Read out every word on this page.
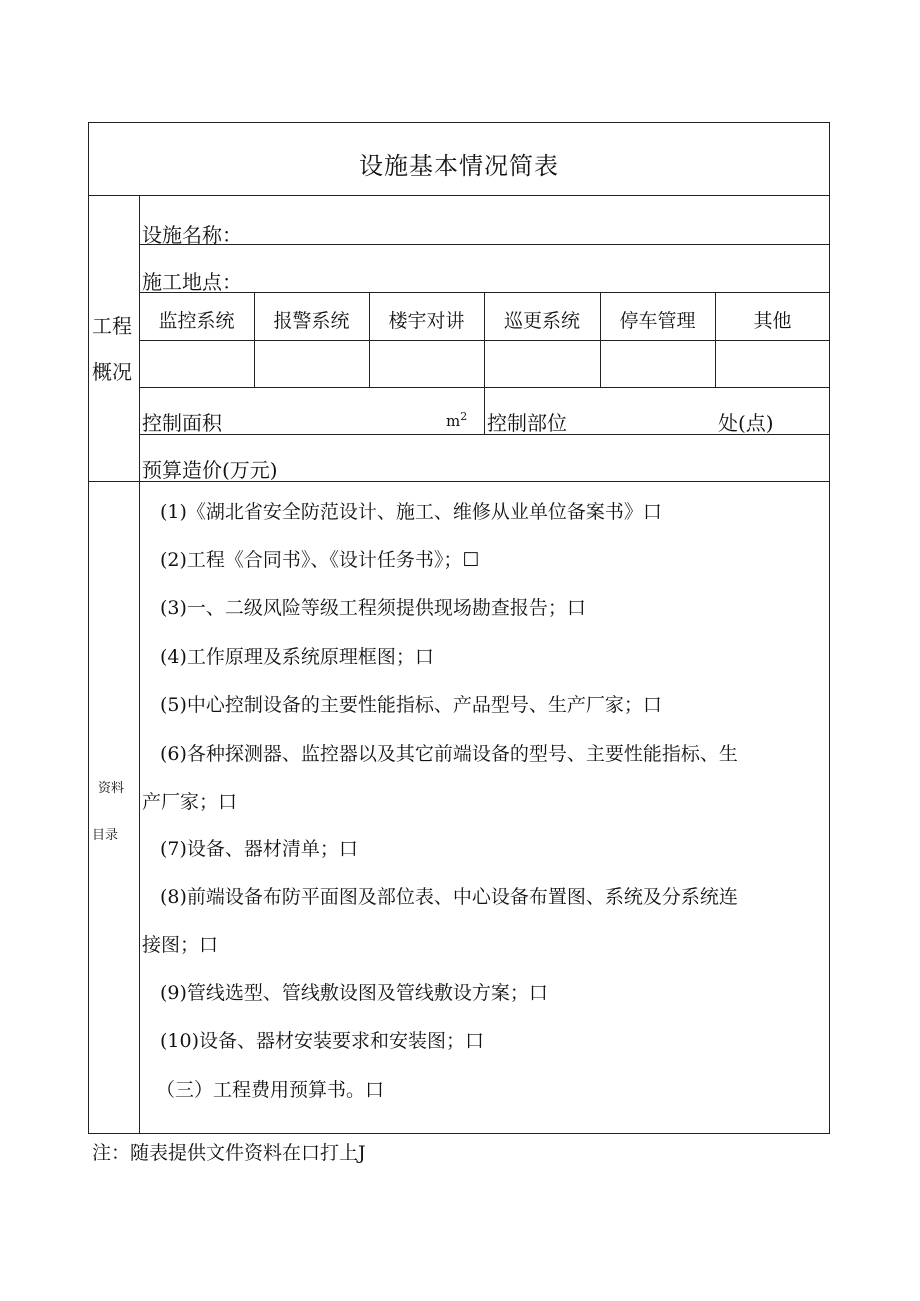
设施基本情况简表
工程
概况
设施名称：
施工地点：
监控系统	报警系统	楼宇对讲	巡更系统	停车管理	其他
控制面积	$m^2$ 控制部位	处(点)
预算造价(万元)
资料
目录
(1)《湖北省安全防范设计、施工、维修从业单位备案书》口
(2)工程《合同书》、《设计任务书》；☐
(3)一、二级风险等级工程须提供现场勘查报告；口
(4)工作原理及系统原理框图；口
(5)中心控制设备的主要性能指标、产品型号、生产厂家；口
(6)各种探测器、监控器以及其它前端设备的型号、主要性能指标、生
产厂家；口
(7)设备、器材清单；口
(8)前端设备布防平面图及部位表、中心设备布置图、系统及分系统连
接图；口
(9)管线选型、管线敷设图及管线敷设方案；口
(10)设备、器材安装要求和安装图；口
（三）工程费用预算书。口
注：随表提供文件资料在口打上J
